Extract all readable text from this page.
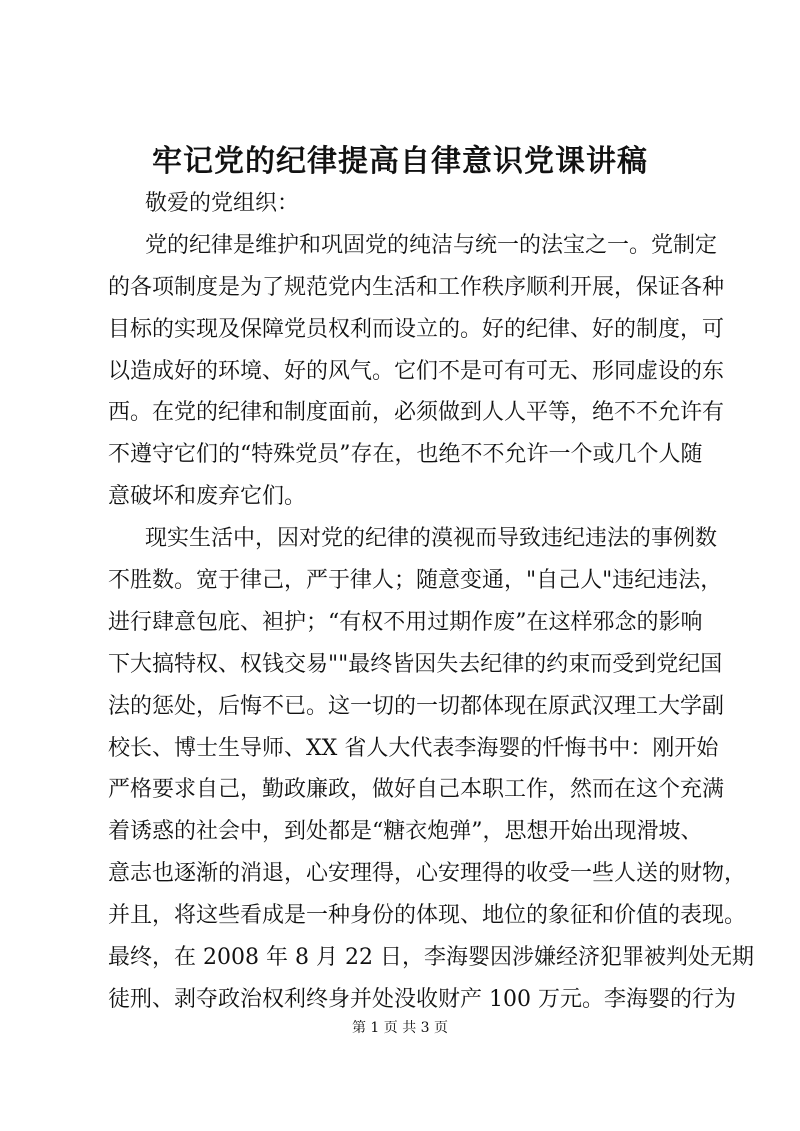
牢记党的纪律提高自律意识党课讲稿
敬爱的党组织：
党的纪律是维护和巩固党的纯洁与统一的法宝之一。党制定
的各项制度是为了规范党内生活和工作秩序顺利开展，保证各种
目标的实现及保障党员权利而设立的。好的纪律、好的制度，可
以造成好的环境、好的风气。它们不是可有可无、形同虚设的东
西。在党的纪律和制度面前，必须做到人人平等，绝不不允许有
不遵守它们的“特殊党员”存在，也绝不不允许一个或几个人随
意破坏和废弃它们。
现实生活中，因对党的纪律的漠视而导致违纪违法的事例数
不胜数。宽于律己，严于律人；随意变通，"自己人"违纪违法，
进行肆意包庇、袒护；“有权不用过期作废”在这样邪念的影响
下大搞特权、权钱交易""最终皆因失去纪律的约束而受到党纪国
法的惩处，后悔不已。这一切的一切都体现在原武汉理工大学副
校长、博士生导师、XX 省人大代表李海婴的忏悔书中：刚开始
严格要求自己，勤政廉政，做好自己本职工作，然而在这个充满
着诱惑的社会中，到处都是“糖衣炮弹”，思想开始出现滑坡、
意志也逐渐的消退，心安理得，心安理得的收受一些人送的财物，
并且，将这些看成是一种身份的体现、地位的象征和价值的表现。
最终，在 2008 年 8 月 22 日，李海婴因涉嫌经济犯罪被判处无期
徒刑、剥夺政治权利终身并处没收财产 100 万元。李海婴的行为
第 1 页 共 3 页
